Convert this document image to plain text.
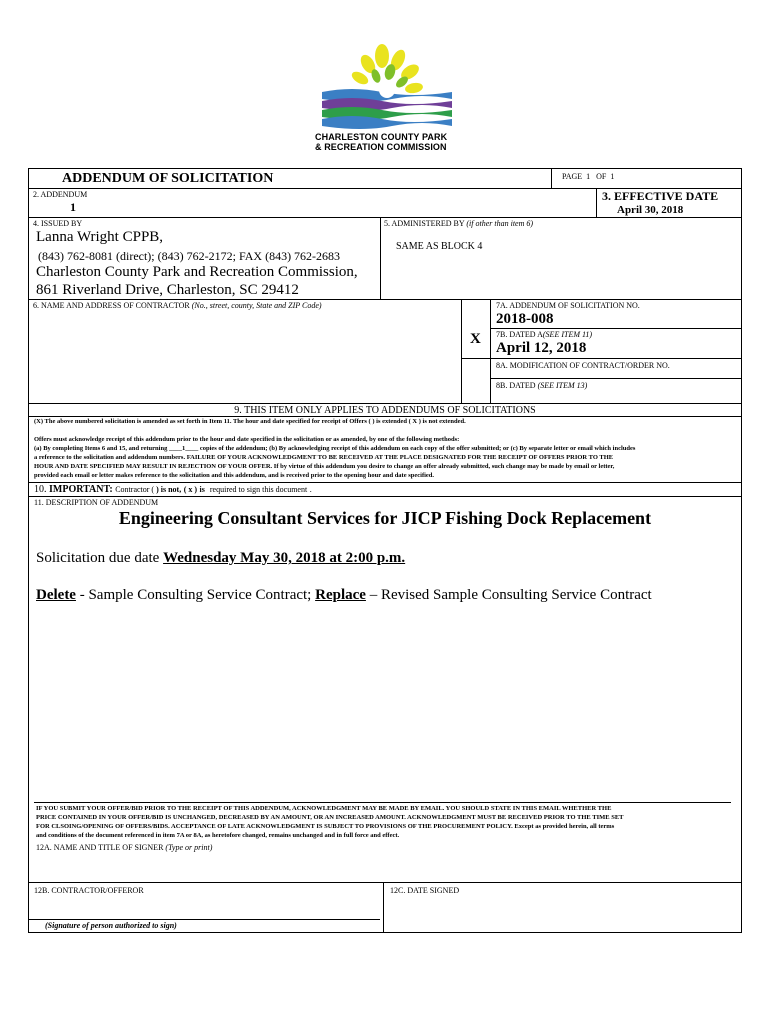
CHARLESTON COUNTY PARK
& RECREATION COMMISSION
ADDENDUM OF SOLICITATION	PAGE 1 OF 1
2. ADDENDUM
1
3. EFFECTIVE DATE
April 30, 2018
4. ISSUED BY
Lanna Wright CPPB,
(843) 762-8081 (direct); (843) 762-2172; FAX (843) 762-2683
Charleston County Park and Recreation Commission,
861 Riverland Drive, Charleston, SC 29412
5. ADMINISTERED BY (if other than item 6)
SAME AS BLOCK 4
6. NAME AND ADDRESS OF CONTRACTOR (No., street, county, State and ZIP Code)
X
7A. ADDENDUM OF SOLICITATION NO.
2018-008
7B. DATED A(SEE ITEM 11)
April 12, 2018
8A. MODIFICATION OF CONTRACT/ORDER NO.
8B. DATED (SEE ITEM 13)
9. THIS ITEM ONLY APPLIES TO ADDENDUMS OF SOLICITATIONS
(X) The above numbered solicitation is amended as set forth in Item 11. The hour and date specified for receipt of Offers ( ) is extended ( X ) is not extended.
Offers must acknowledge receipt of this addendum prior to the hour and date specified in the solicitation or as amended, by one of the following methods:
(a) By completing Items 6 and 15, and returning ____1____ copies of the addendum; (b) By acknowledging receipt of this addendum on each copy of the offer submitted; or (c) By separate letter or email which includes
a reference to the solicitation and addendum numbers. FAILURE OF YOUR ACKNOWLEDGMENT TO BE RECEIVED AT THE PLACE DESIGNATED FOR THE RECEIPT OF OFFERS PRIOR TO THE
HOUR AND DATE SPECIFIED MAY RESULT IN REJECTION OF YOUR OFFER. If by virtue of this addendum you desire to change an offer already submitted, such change may be made by email or letter,
provided each email or letter makes reference to the solicitation and this addendum, and is received prior to the opening hour and date specified.
10. IMPORTANT: Contractor ( ) is not, ( x ) is required to sign this document .
11. DESCRIPTION OF ADDENDUM
Engineering Consultant Services for JICP Fishing Dock Replacement
Solicitation due date Wednesday May 30, 2018 at 2:00 p.m.
Delete - Sample Consulting Service Contract; Replace – Revised Sample Consulting Service Contract
IF YOU SUBMIT YOUR OFFER/BID PRIOR TO THE RECEIPT OF THIS ADDENDUM, ACKNOWLEDGMENT MAY BE MADE BY EMAIL. YOU SHOULD STATE IN THIS EMAIL WHETHER THE
PRICE CONTAINED IN YOUR OFFER/BID IS UNCHANGED, DECREASED BY AN AMOUNT, OR AN INCREASED AMOUNT. ACKNOWLEDGMENT MUST BE RECEIVED PRIOR TO THE TIME SET
FOR CLSOING/OPENING OF OFFERS/BIDS. ACCEPTANCE OF LATE ACKNOWLEDGMENT IS SUBJECT TO PROVISIONS OF THE PROCUREMENT POLICY. Except as provided herein, all terms
and conditions of the document referenced in item 7A or 8A, as heretofore changed, remains unchanged and in full force and effect.
12A. NAME AND TITLE OF SIGNER (Type or print)
12B. CONTRACTOR/OFFEROR	12C. DATE SIGNED
(Signature of person authorized to sign)
